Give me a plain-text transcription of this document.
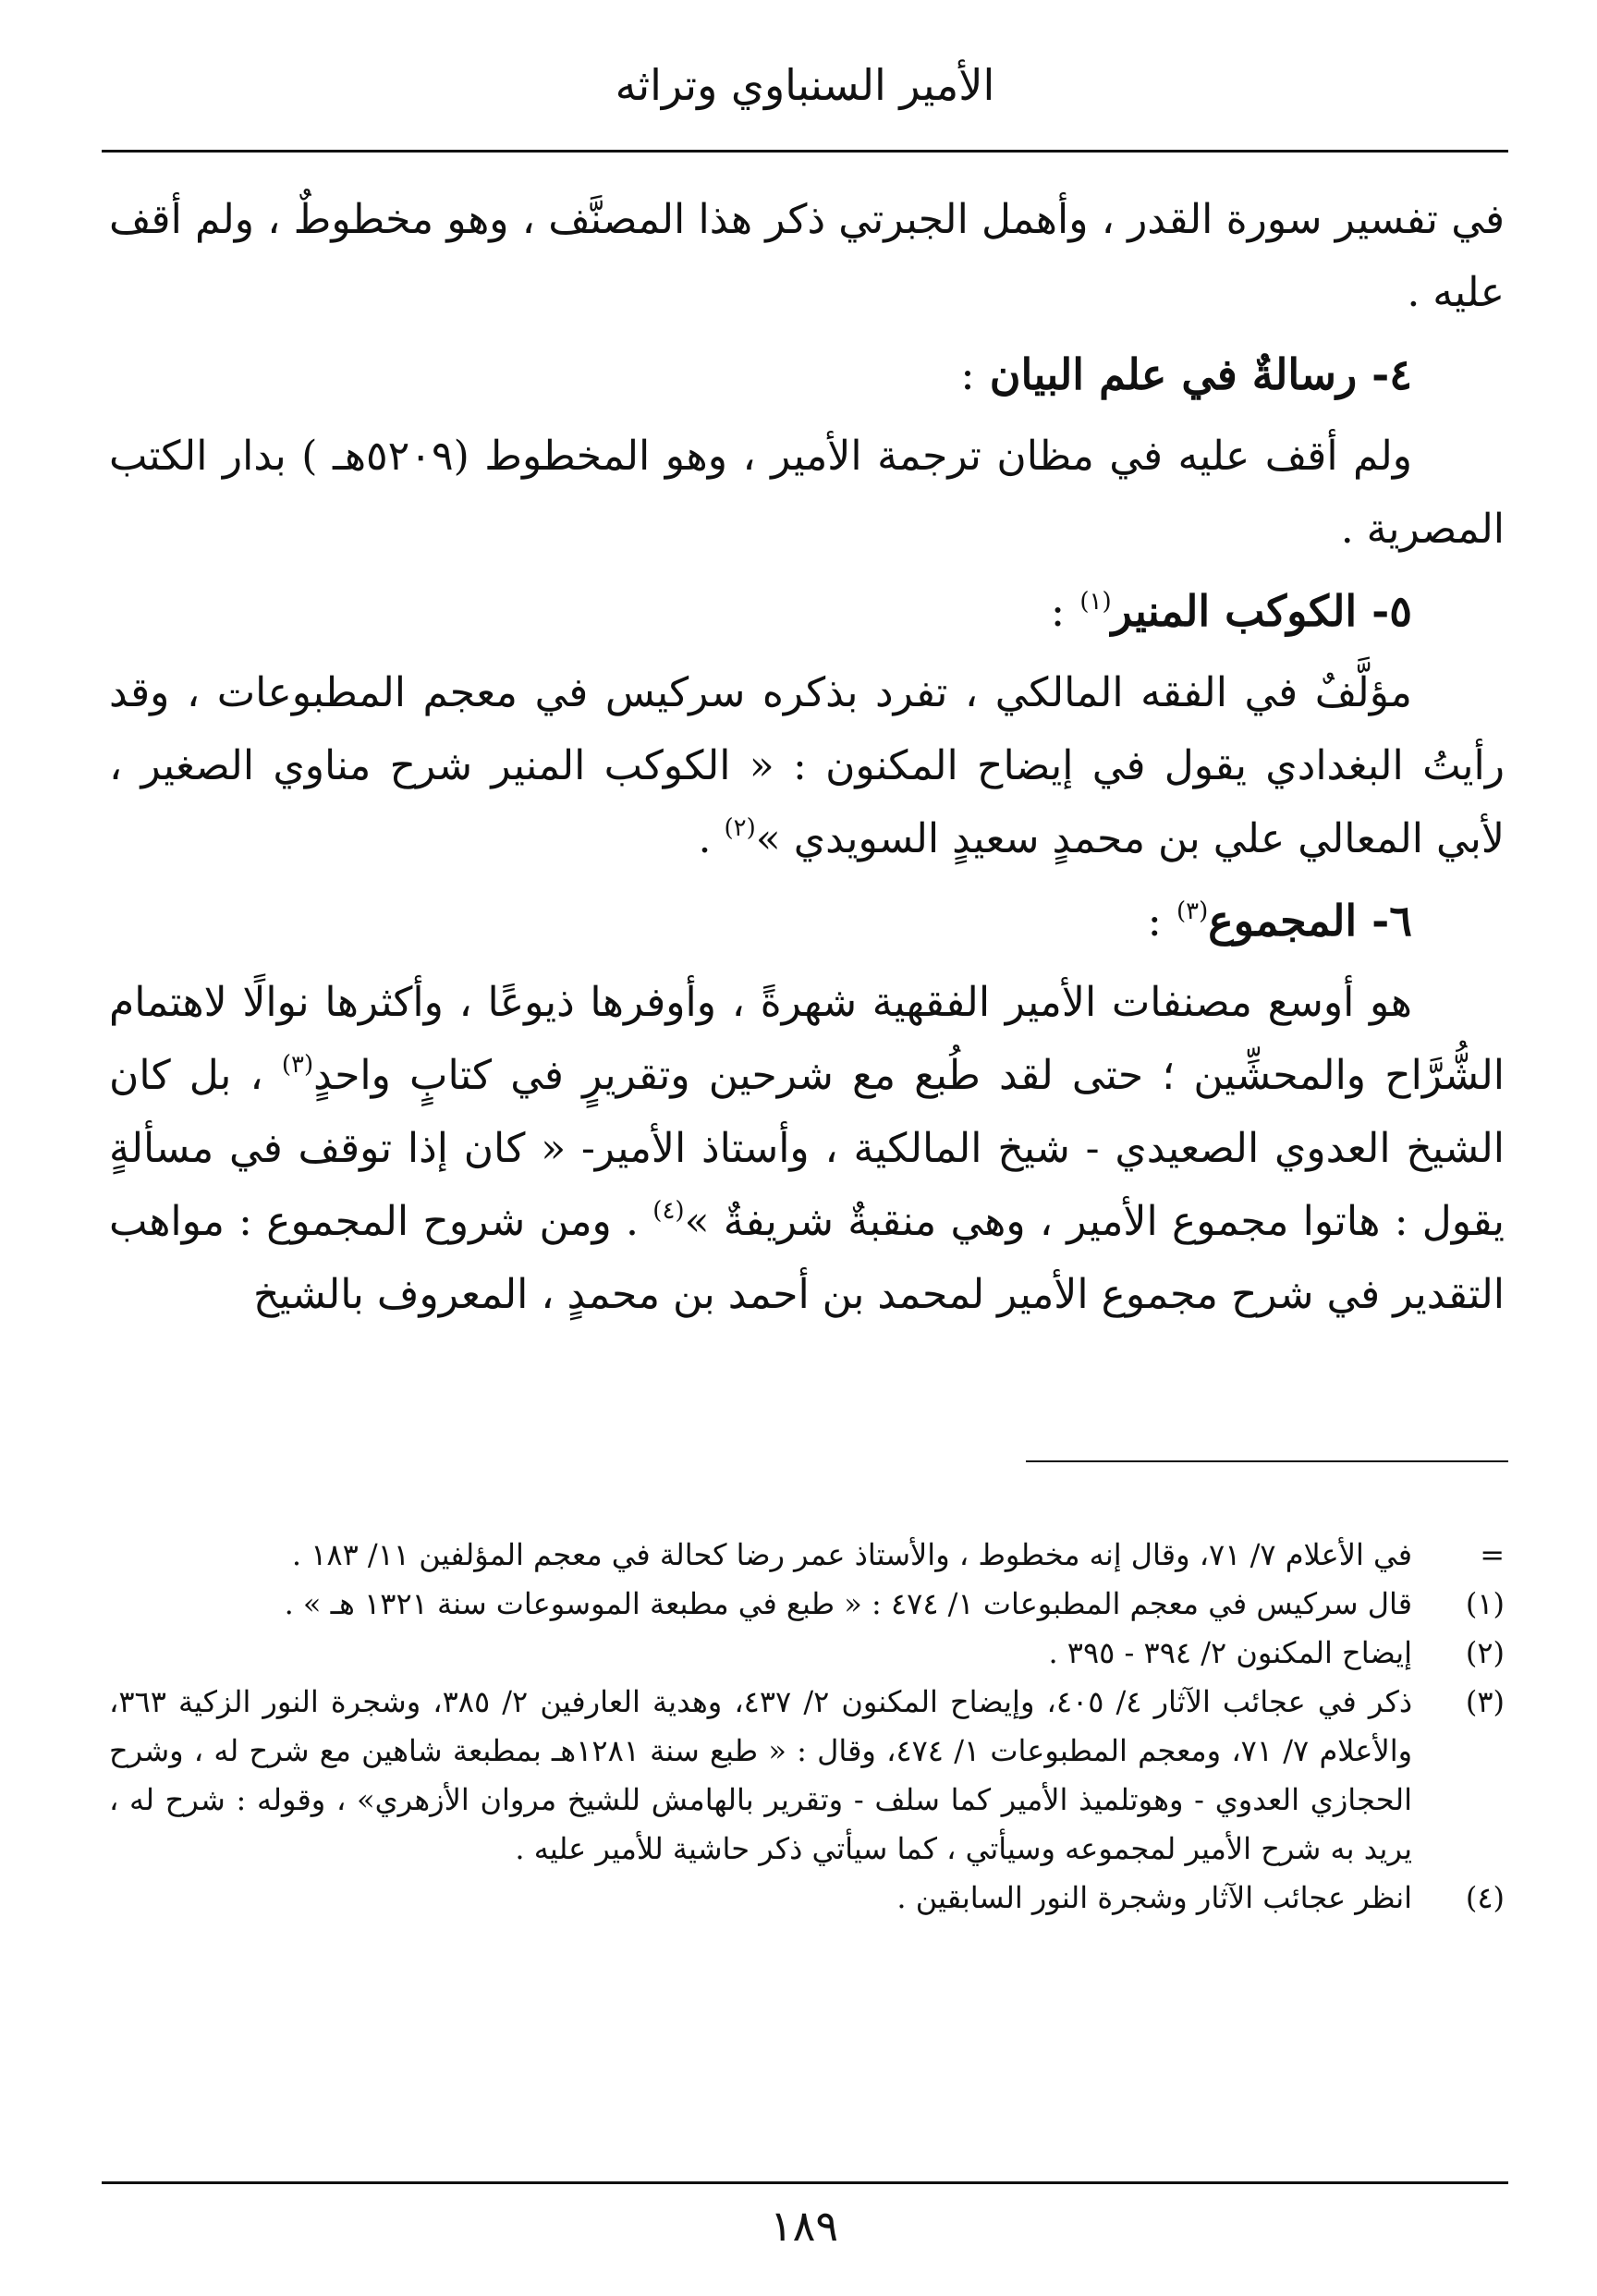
الأمير السنباوي وتراثه

في تفسير سورة القدر ، وأهمل الجبرتي ذكر هذا المصنَّف ، وهو مخطوطٌ ، ولم أقف عليه .

٤- رسالةٌ في علم البيان :

ولم أقف عليه في مظان ترجمة الأمير ، وهو المخطوط (٥٢٠٩هـ ) بدار الكتب المصرية .

٥- الكوكب المنير$^{(١)}$ :

مؤلَّفٌ في الفقه المالكي ، تفرد بذكره سركيس في معجم المطبوعات ، وقد رأيتُ البغدادي يقول في إيضاح المكنون : « الكوكب المنير شرح مناوي الصغير ، لأبي المعالي علي بن محمدٍ سعيدٍ السويدي »$^{(٢)}$ .

٦- المجموع$^{(٣)}$ :

هو أوسع مصنفات الأمير الفقهية شهرةً ، وأوفرها ذيوعًا ، وأكثرها نوالًا لاهتمام الشُّرَّاح والمحشِّين ؛ حتى لقد طُبع مع شرحين وتقريرٍ في كتابٍ واحدٍ$^{(٣)}$ ، بل كان الشيخ العدوي الصعيدي - شيخ المالكية ، وأستاذ الأمير- « كان إذا توقف في مسألةٍ يقول : هاتوا مجموع الأمير ، وهي منقبةٌ شريفةٌ »$^{(٤)}$ . ومن شروح المجموع : مواهب التقدير في شرح مجموع الأمير لمحمد بن أحمد بن محمدٍ ، المعروف بالشيخ

=
في الأعلام ٧/ ٧١، وقال إنه مخطوط ، والأستاذ عمر رضا كحالة في معجم المؤلفين ١١/ ١٨٣ .
(١)
قال سركيس في معجم المطبوعات ١/ ٤٧٤ : « طبع في مطبعة الموسوعات سنة ١٣٢١ هـ » .
(٢)
إيضاح المكنون ٢/ ٣٩٤ - ٣٩٥ .
(٣)
ذكر في عجائب الآثار ٤/ ٤٠٥، وإيضاح المكنون ٢/ ٤٣٧، وهدية العارفين ٢/ ٣٨٥، وشجرة النور الزكية ٣٦٣، والأعلام ٧/ ٧١، ومعجم المطبوعات ١/ ٤٧٤، وقال : « طبع سنة ١٢٨١هـ بمطبعة شاهين مع شرح له ، وشرح الحجازي العدوي - وهوتلميذ الأمير كما سلف - وتقرير بالهامش للشيخ مروان الأزهري» ، وقوله : شرح له ، يريد به شرح الأمير لمجموعه وسيأتي ، كما سيأتي ذكر حاشية للأمير عليه .
(٤)
انظر عجائب الآثار وشجرة النور السابقين .
١٨٩
